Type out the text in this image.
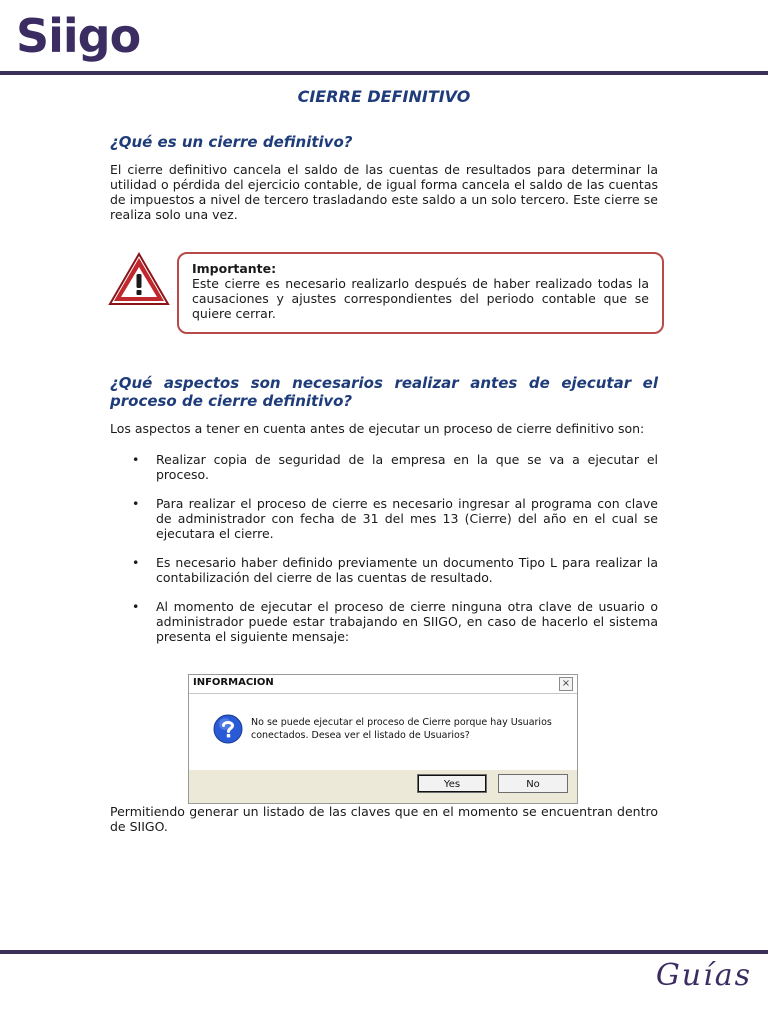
Siigo
CIERRE DEFINITIVO
¿Qué es un cierre definitivo?

El cierre definitivo cancela el saldo de las cuentas de resultados para determinar la utilidad o pérdida del ejercicio contable, de igual forma cancela el saldo de las cuentas de impuestos a nivel de tercero trasladando este saldo a un solo tercero. Este cierre se realiza solo una vez.

Importante:
Este cierre es necesario realizarlo después de haber realizado todas la causaciones y ajustes correspondientes del periodo contable que se quiere cerrar.
¿Qué aspectos son necesarios realizar antes de ejecutar el proceso de cierre definitivo?

Los aspectos a tener en cuenta antes de ejecutar un proceso de cierre definitivo son:

• Realizar copia de seguridad de la empresa en la que se va a ejecutar el proceso.
• Para realizar el proceso de cierre es necesario ingresar al programa con clave de administrador con fecha de 31 del mes 13 (Cierre) del año en el cual se ejecutara el cierre.
• Es necesario haber definido previamente un documento Tipo L para realizar la contabilización del cierre de las cuentas de resultado.
• Al momento de ejecutar el proceso de cierre ninguna otra clave de usuario o administrador puede estar trabajando en SIIGO, en caso de hacerlo el sistema presenta el siguiente mensaje:
INFORMACION	×
No se puede ejecutar el proceso de Cierre porque hay Usuarios conectados. Desea ver el listado de Usuarios?
Yes	No

Permitiendo generar un listado de las claves que en el momento se encuentran dentro de SIIGO.

Guías
